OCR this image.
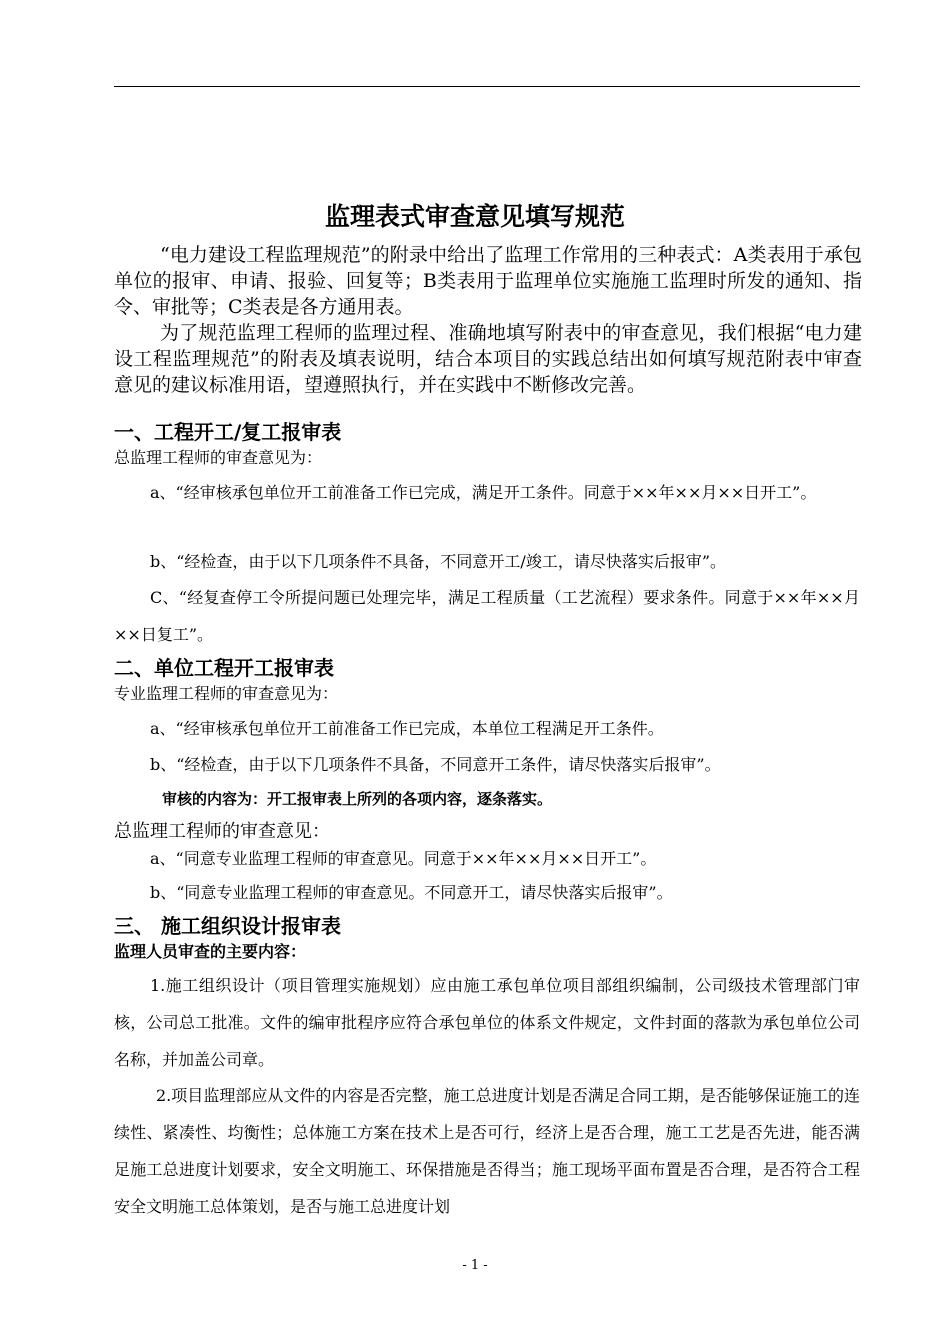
监理表式审查意见填写规范

“电力建设工程监理规范”的附录中给出了监理工作常用的三种表式：A类表用于承包单位的报审、申请、报验、回复等；B类表用于监理单位实施施工监理时所发的通知、指令、审批等；C类表是各方通用表。

为了规范监理工程师的监理过程、准确地填写附表中的审查意见，我们根据“电力建设工程监理规范”的附表及填表说明，结合本项目的实践总结出如何填写规范附表中审查意见的建议标准用语，望遵照执行，并在实践中不断修改完善。

一、工程开工/复工报审表

总监理工程师的审查意见为：

a、“经审核承包单位开工前准备工作已完成，满足开工条件。同意于××年××月××日开工”。

b、“经检查，由于以下几项条件不具备，不同意开工/竣工，请尽快落实后报审”。

C、“经复查停工令所提问题已处理完毕，满足工程质量（工艺流程）要求条件。同意于××年××月××日复工”。

二、单位工程开工报审表

专业监理工程师的审查意见为：

a、“经审核承包单位开工前准备工作已完成，本单位工程满足开工条件。

b、“经检查，由于以下几项条件不具备，不同意开工条件，请尽快落实后报审”。

审核的内容为：开工报审表上所列的各项内容，逐条落实。

总监理工程师的审查意见：

a、“同意专业监理工程师的审查意见。同意于××年××月××日开工”。

b、“同意专业监理工程师的审查意见。不同意开工，请尽快落实后报审”。

三、 施工组织设计报审表

监理人员审查的主要内容：

1.施工组织设计（项目管理实施规划）应由施工承包单位项目部组织编制，公司级技术管理部门审核，公司总工批准。文件的编审批程序应符合承包单位的体系文件规定，文件封面的落款为承包单位公司名称，并加盖公司章。

2.项目监理部应从文件的内容是否完整，施工总进度计划是否满足合同工期，是否能够保证施工的连续性、紧凑性、均衡性；总体施工方案在技术上是否可行，经济上是否合理，施工工艺是否先进，能否满足施工总进度计划要求，安全文明施工、环保措施是否得当；施工现场平面布置是否合理，是否符合工程安全文明施工总体策划，是否与施工总进度计划

- 1 -
